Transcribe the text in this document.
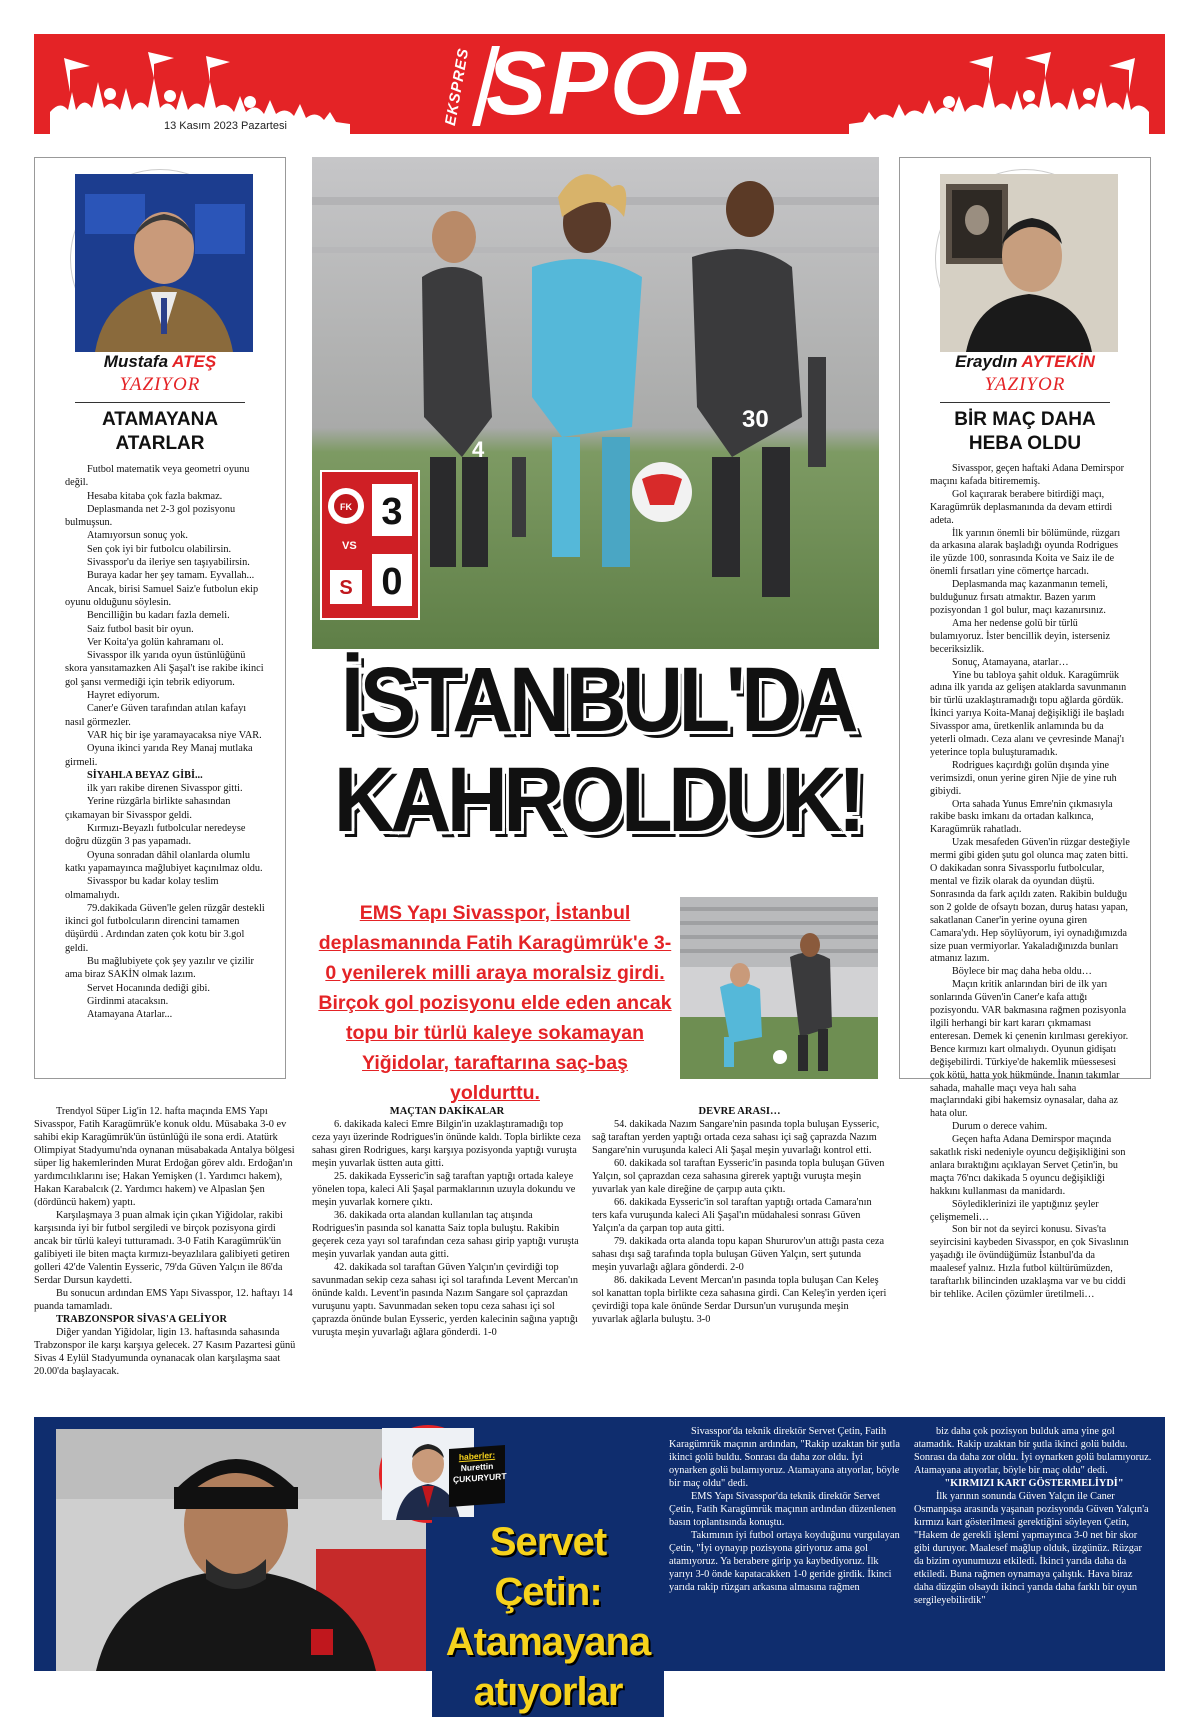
EKSPRES SPOR
13 Kasım 2023 Pazartesi
Mustafa ATEŞ
YAZIYOR
ATAMAYANA
ATARLAR

Futbol matematik veya geometri oyunu değil.

Hesaba kitaba çok fazla bakmaz.

Deplasmanda net 2-3 gol pozisyonu bulmuşsun.

Atamıyorsun sonuç yok.

Sen çok iyi bir futbolcu olabilirsin.

Sivasspor'u da ileriye sen taşıyabilirsin.

Buraya kadar her şey tamam. Eyvallah...

Ancak, birisi Samuel Saiz'e futbolun ekip oyunu olduğunu söylesin.

Bencilliğin bu kadarı fazla demeli.

Saiz futbol basit bir oyun.

Ver Koita'ya golün kahramanı ol.

Sivasspor ilk yarıda oyun üstünlüğünü skora yansıtamazken Ali Şaşal't ise rakibe ikinci gol şansı vermediği için tebrik ediyorum.

Hayret ediyorum.

Caner'e Güven tarafından atılan kafayı nasıl görmezler.

VAR hiç bir işe yaramayacaksa niye VAR.

Oyuna ikinci yarıda Rey Manaj mutlaka girmeli.

SİYAHLA BEYAZ GİBİ...

ilk yarı rakibe direnen Sivasspor gitti.

Yerine rüzgârla birlikte sahasından çıkamayan bir Sivasspor geldi.

Kırmızı-Beyazlı futbolcular neredeyse doğru düzgün 3 pas yapamadı.

Oyuna sonradan dâhil olanlarda olumlu katkı yapamayınca mağlubiyet kaçınılmaz oldu.

Sivasspor bu kadar kolay teslim olmamalıydı.

79.dakikada Güven'le gelen rüzgâr destekli ikinci gol futbolcuların direncini tamamen düşürdü . Ardından zaten çok kotu bir 3.gol geldi.

Bu mağlubiyete çok şey yazılır ve çizilir ama biraz SAKİN olmak lazım.

Servet Hocanında dediği gibi.

Girdinmi atacaksın.

Atamayana Atarlar...

Eraydın AYTEKİN
YAZIYOR
BİR MAÇ DAHA
HEBA OLDU

Sivasspor, geçen haftaki Adana Demirspor maçını kafada bitirememiş.

Gol kaçırarak berabere bitirdiği maçı, Karagümrük deplasmanında da devam ettirdi adeta.

İlk yarının önemli bir bölümünde, rüzgarı da arkasına alarak başladığı oyunda Rodrigues ile yüzde 100, sonrasında Koita ve Saiz ile de önemli fırsatları yine cömertçe harcadı.

Deplasmanda maç kazanmanın temeli, bulduğunuz fırsatı atmaktır. Bazen yarım pozisyondan 1 gol bulur, maçı kazanırsınız.

Ama her nedense golü bir türlü bulamıyoruz. İster bencillik deyin, isterseniz beceriksizlik.

Sonuç, Atamayana, atarlar…

Yine bu tabloya şahit olduk. Karagümrük adına ilk yarıda az gelişen ataklarda savunmanın bir türlü uzaklaştıramadığı topu ağlarda gördük. İkinci yarıya Koita-Manaj değişikliği ile başladı Sivasspor ama, üretkenlik anlamında bu da yeterli olmadı. Ceza alanı ve çevresinde Manaj'ı yeterince topla buluşturamadık.

Rodrigues kaçırdığı golün dışında yine verimsizdi, onun yerine giren Njie de yine ruh gibiydi.

Orta sahada Yunus Emre'nin çıkmasıyla rakibe baskı imkanı da ortadan kalkınca, Karagümrük rahatladı.

Uzak mesafeden Güven'in rüzgar desteğiyle mermi gibi giden şutu gol olunca maç zaten bitti. O dakikadan sonra Sivassporlu futbolcular, mental ve fizik olarak da oyundan düştü. Sonrasında da fark açıldı zaten. Rakibin bulduğu son 2 golde de ofsaytı bozan, duruş hatası yapan, sakatlanan Caner'in yerine oyuna giren Camara'ydı. Hep söylüyorum, iyi oynadığımızda size puan vermiyorlar. Yakaladığınızda bunları atmanız lazım.

Böylece bir maç daha heba oldu…

Maçın kritik anlarından biri de ilk yarı sonlarında Güven'in Caner'e kafa attığı pozisyondu. VAR bakmasına rağmen pozisyonla ilgili herhangi bir kart kararı çıkmaması enteresan. Demek ki çenenin kırılması gerekiyor. Bence kırmızı kart olmalıydı. Oyunun gidişatı değişebilirdi. Türkiye'de hakemlik müessesesi çok kötü, hatta yok hükmünde. İnanın takımlar sahada, mahalle maçı veya halı saha maçlarındaki gibi hakemsiz oynasalar, daha az hata olur.

Durum o derece vahim.

Geçen hafta Adana Demirspor maçında sakatlık riski nedeniyle oyuncu değişikliğini son anlara bıraktığını açıklayan Servet Çetin'in, bu maçta 76'ncı dakikada 5 oyuncu değişikliği hakkını kullanması da manidardı.

Söylediklerinizi ile yaptığınız şeyler çelişmemeli…

Son bir not da seyirci konusu. Sivas'ta seyircisini kaybeden Sivasspor, en çok Sivaslının yaşadığı ile övündüğümüz İstanbul'da da maalesef yalnız. Hızla futbol kültürümüzden, taraftarlık bilincinden uzaklaşma var ve bu ciddi bir tehlike. Acilen çözümler üretilmeli…

4
30
FK
S
VS
3
0
İSTANBUL'DA
KAHROLDUK!
EMS Yapı Sivasspor, İstanbul deplasmanında Fatih Karagümrük'e 3-0 yenilerek milli araya moralsiz girdi. Birçok gol pozisyonu elde eden ancak topu bir türlü kaleye sokamayan Yiğidolar, taraftarına saç-baş yoldurttu.

Trendyol Süper Lig'in 12. hafta maçında EMS Yapı Sivasspor, Fatih Karagümrük'e konuk oldu. Müsabaka 3-0 ev sahibi ekip Karagümrük'ün üstünlüğü ile sona erdi. Atatürk Olimpiyat Stadyumu'nda oynanan müsabakada Antalya bölgesi süper lig hakemlerinden Murat Erdoğan görev aldı. Erdoğan'ın yardımcılıklarını ise; Hakan Yemişken (1. Yardımcı hakem), Hakan Karabalcık (2. Yardımcı hakem) ve Alpaslan Şen (dördüncü hakem) yaptı.

Karşılaşmaya 3 puan almak için çıkan Yiğidolar, rakibi karşısında iyi bir futbol sergiledi ve birçok pozisyona girdi ancak bir türlü kaleyi tutturamadı. 3-0 Fatih Karagümrük'ün galibiyeti ile biten maçta kırmızı-beyazlılara galibiyeti getiren golleri 42'de Valentin Eysseric, 79'da Güven Yalçın ile 86'da Serdar Dursun kaydetti.

Bu sonucun ardından EMS Yapı Sivasspor, 12. haftayı 14 puanda tamamladı.

TRABZONSPOR SİVAS'A GELİYOR

Diğer yandan Yiğidolar, ligin 13. haftasında sahasında Trabzonspor ile karşı karşıya gelecek. 27 Kasım Pazartesi günü Sivas 4 Eylül Stadyumunda oynanacak olan karşılaşma saat 20.00'da başlayacak.

MAÇTAN DAKİKALAR

6. dakikada kaleci Emre Bilgin'in uzaklaştıramadığı top ceza yayı üzerinde Rodrigues'in önünde kaldı. Topla birlikte ceza sahası giren Rodrigues, karşı karşıya pozisyonda yaptığı vuruşta meşin yuvarlak üstten auta gitti.

25. dakikada Eysseric'in sağ taraftan yaptığı ortada kaleye yönelen topa, kaleci Ali Şaşal parmaklarının uzuyla dokundu ve meşin yuvarlak kornere çıktı.

36. dakikada orta alandan kullanılan taç atışında Rodrigues'in pasında sol kanatta Saiz topla buluştu. Rakibin geçerek ceza yayı sol tarafından ceza sahası girip yaptığı vuruşta meşin yuvarlak yandan auta gitti.

42. dakikada sol taraftan Güven Yalçın'ın çevirdiği top savunmadan sekip ceza sahası içi sol tarafında Levent Mercan'ın önünde kaldı. Levent'in pasında Nazım Sangare sol çaprazdan vuruşunu yaptı. Savunmadan seken topu ceza sahası içi sol çaprazda önünde bulan Eysseric, yerden kalecinin sağına yaptığı vuruşta meşin yuvarlağı ağlara gönderdi. 1-0

DEVRE ARASI…

54. dakikada Nazım Sangare'nin pasında topla buluşan Eysseric, sağ taraftan yerden yaptığı ortada ceza sahası içi sağ çaprazda Nazım Sangare'nin vuruşunda kaleci Ali Şaşal meşin yuvarlağı kontrol etti.

60. dakikada sol taraftan Eysseric'in pasında topla buluşan Güven Yalçın, sol çaprazdan ceza sahasına girerek yaptığı vuruşta meşin yuvarlak yan kale direğine de çarpıp auta çıktı.

66. dakikada Eysseric'in sol taraftan yaptığı ortada Camara'nın ters kafa vuruşunda kaleci Ali Şaşal'ın müdahalesi sonrası Güven Yalçın'a da çarpan top auta gitti.

79. dakikada orta alanda topu kapan Shururov'un attığı pasta ceza sahası dışı sağ tarafında topla buluşan Güven Yalçın, sert şutunda meşin yuvarlağı ağlara gönderdi. 2-0

86. dakikada Levent Mercan'ın pasında topla buluşan Can Keleş sol kanattan topla birlikte ceza sahasına girdi. Can Keleş'in yerden içeri çevirdiği topa kale önünde Serdar Dursun'un vuruşunda meşin yuvarlak ağlarla buluştu. 3-0

haberler:
Nurettin
ÇUKURYURT
Servet
Çetin:
Atamayana
atıyorlar

Sivasspor'da teknik direktör Servet Çetin, Fatih Karagümrük maçının ardından, "Rakip uzaktan bir şutla ikinci golü buldu. Sonrası da daha zor oldu. İyi oynarken golü bulamıyoruz. Atamayana atıyorlar, böyle bir maç oldu" dedi.

EMS Yapı Sivasspor'da teknik direktör Servet Çetin, Fatih Karagümrük maçının ardından düzenlenen basın toplantısında konuştu.

Takımının iyi futbol ortaya koyduğunu vurgulayan Çetin, "İyi oynayıp pozisyona giriyoruz ama gol atamıyoruz. Ya berabere girip ya kaybediyoruz. İlk yarıyı 3-0 önde kapatacakken 1-0 geride girdik. İkinci yarıda rakip rüzgarı arkasına almasına rağmen

biz daha çok pozisyon bulduk ama yine gol atamadık. Rakip uzaktan bir şutla ikinci golü buldu. Sonrası da daha zor oldu. İyi oynarken golü bulamıyoruz. Atamayana atıyorlar, böyle bir maç oldu" dedi.

"KIRMIZI KART GÖSTERMELİYDİ"

İlk yarının sonunda Güven Yalçın ile Caner Osmanpaşa arasında yaşanan pozisyonda Güven Yalçın'a kırmızı kart gösterilmesi gerektiğini söyleyen Çetin, "Hakem de gerekli işlemi yapmayınca 3-0 net bir skor gibi duruyor. Maalesef mağlup olduk, üzgünüz. Rüzgar da bizim oyunumuzu etkiledi. İkinci yarıda daha da etkiledi. Buna rağmen oynamaya çalıştık. Hava biraz daha düzgün olsaydı ikinci yarıda daha farklı bir oyun sergileyebilirdik"
